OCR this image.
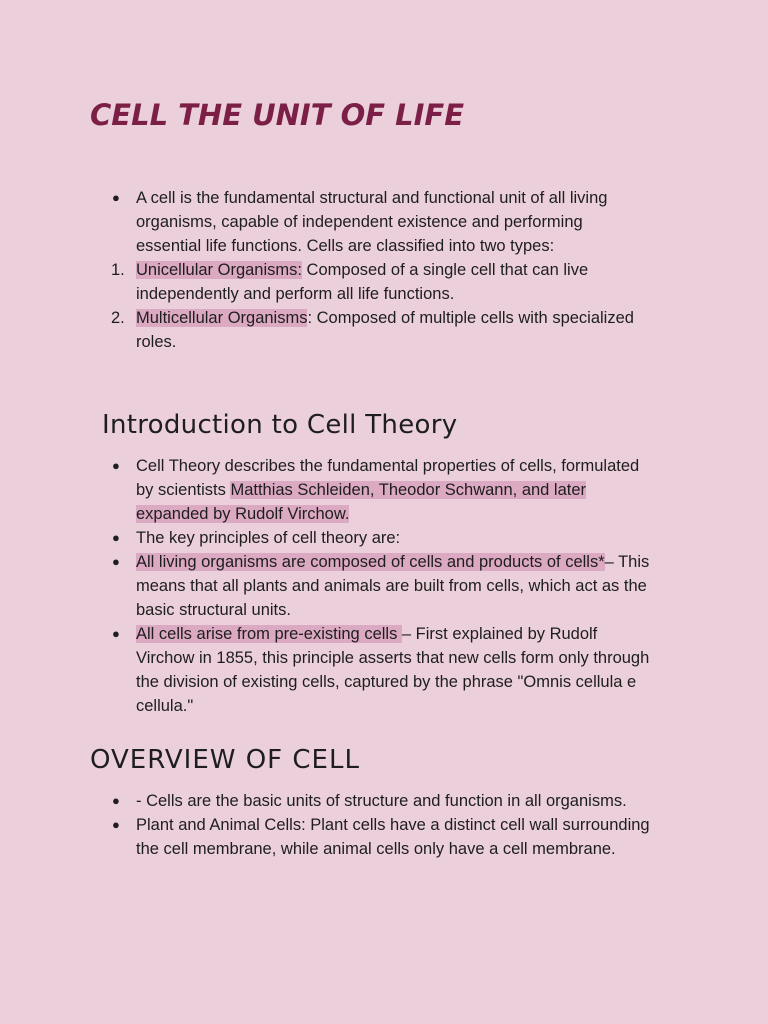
CELL THE UNIT OF LIFE
● A cell is the fundamental structural and functional unit of all living organisms, capable of independent existence and performing essential life functions. Cells are classified into two types:
1. Unicellular Organisms: Composed of a single cell that can live independently and perform all life functions.
2. Multicellular Organisms: Composed of multiple cells with specialized roles.
Introduction to Cell Theory
● Cell Theory describes the fundamental properties of cells, formulated by scientists Matthias Schleiden, Theodor Schwann, and later expanded by Rudolf Virchow.
● The key principles of cell theory are:
● All living organisms are composed of cells and products of cells*– This means that all plants and animals are built from cells, which act as the basic structural units.
● All cells arise from pre-existing cells – First explained by Rudolf Virchow in 1855, this principle asserts that new cells form only through the division of existing cells, captured by the phrase "Omnis cellula e cellula."
OVERVIEW OF CELL
● - Cells are the basic units of structure and function in all organisms.
● Plant and Animal Cells: Plant cells have a distinct cell wall surrounding the cell membrane, while animal cells only have a cell membrane.
